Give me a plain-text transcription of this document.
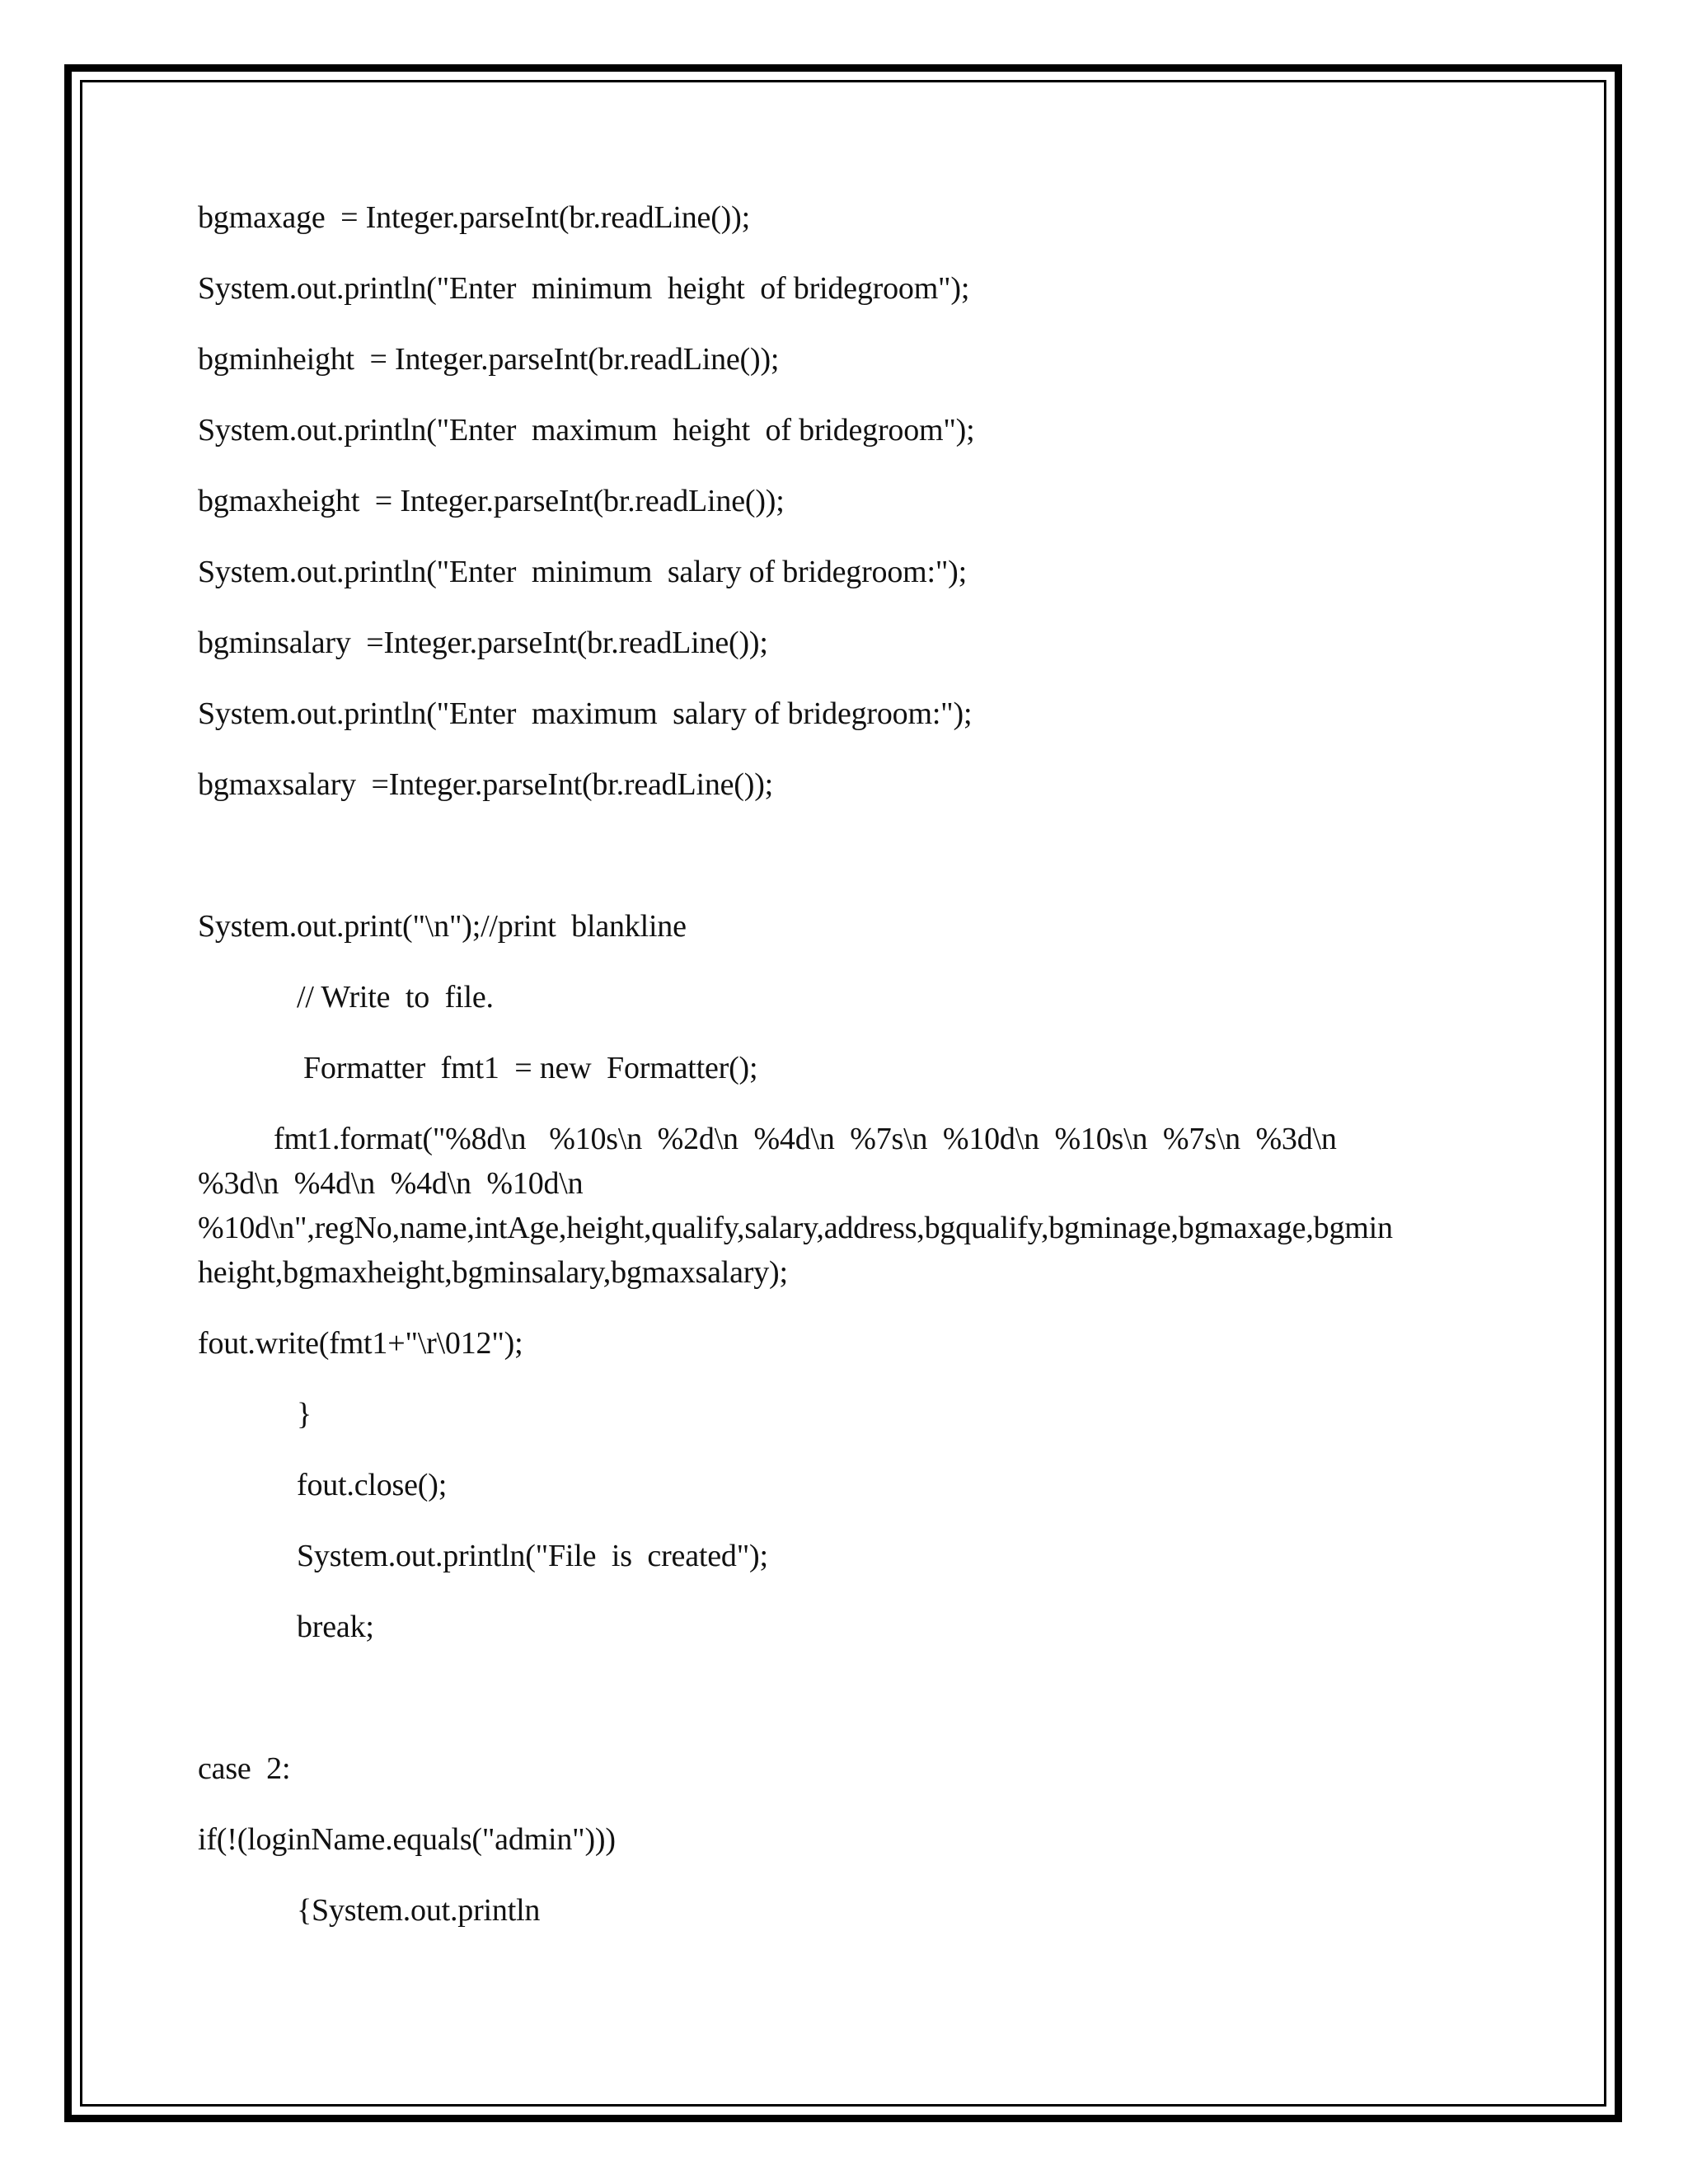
bgmaxage  = Integer.parseInt(br.readLine());
System.out.println("Enter  minimum  height  of bridegroom");
bgminheight  = Integer.parseInt(br.readLine());
System.out.println("Enter  maximum  height  of bridegroom");
bgmaxheight  = Integer.parseInt(br.readLine());
System.out.println("Enter  minimum  salary of bridegroom:");
bgminsalary  =Integer.parseInt(br.readLine());
System.out.println("Enter  maximum  salary of bridegroom:");
bgmaxsalary  =Integer.parseInt(br.readLine());
System.out.print("\n");//print  blankline
// Write  to  file.
Formatter  fmt1  = new  Formatter();
fmt1.format("%8d\n   %10s\n  %2d\n  %4d\n  %7s\n  %10d\n  %10s\n  %7s\n  %3d\n
%3d\n  %4d\n  %4d\n  %10d\n
%10d\n",regNo,name,intAge,height,qualify,salary,address,bgqualify,bgminage,bgmaxage,bgmin
height,bgmaxheight,bgminsalary,bgmaxsalary);
fout.write(fmt1+"\r\012");
}
fout.close();
System.out.println("File  is  created");
break;
case  2:
if(!(loginName.equals("admin")))
{System.out.println
